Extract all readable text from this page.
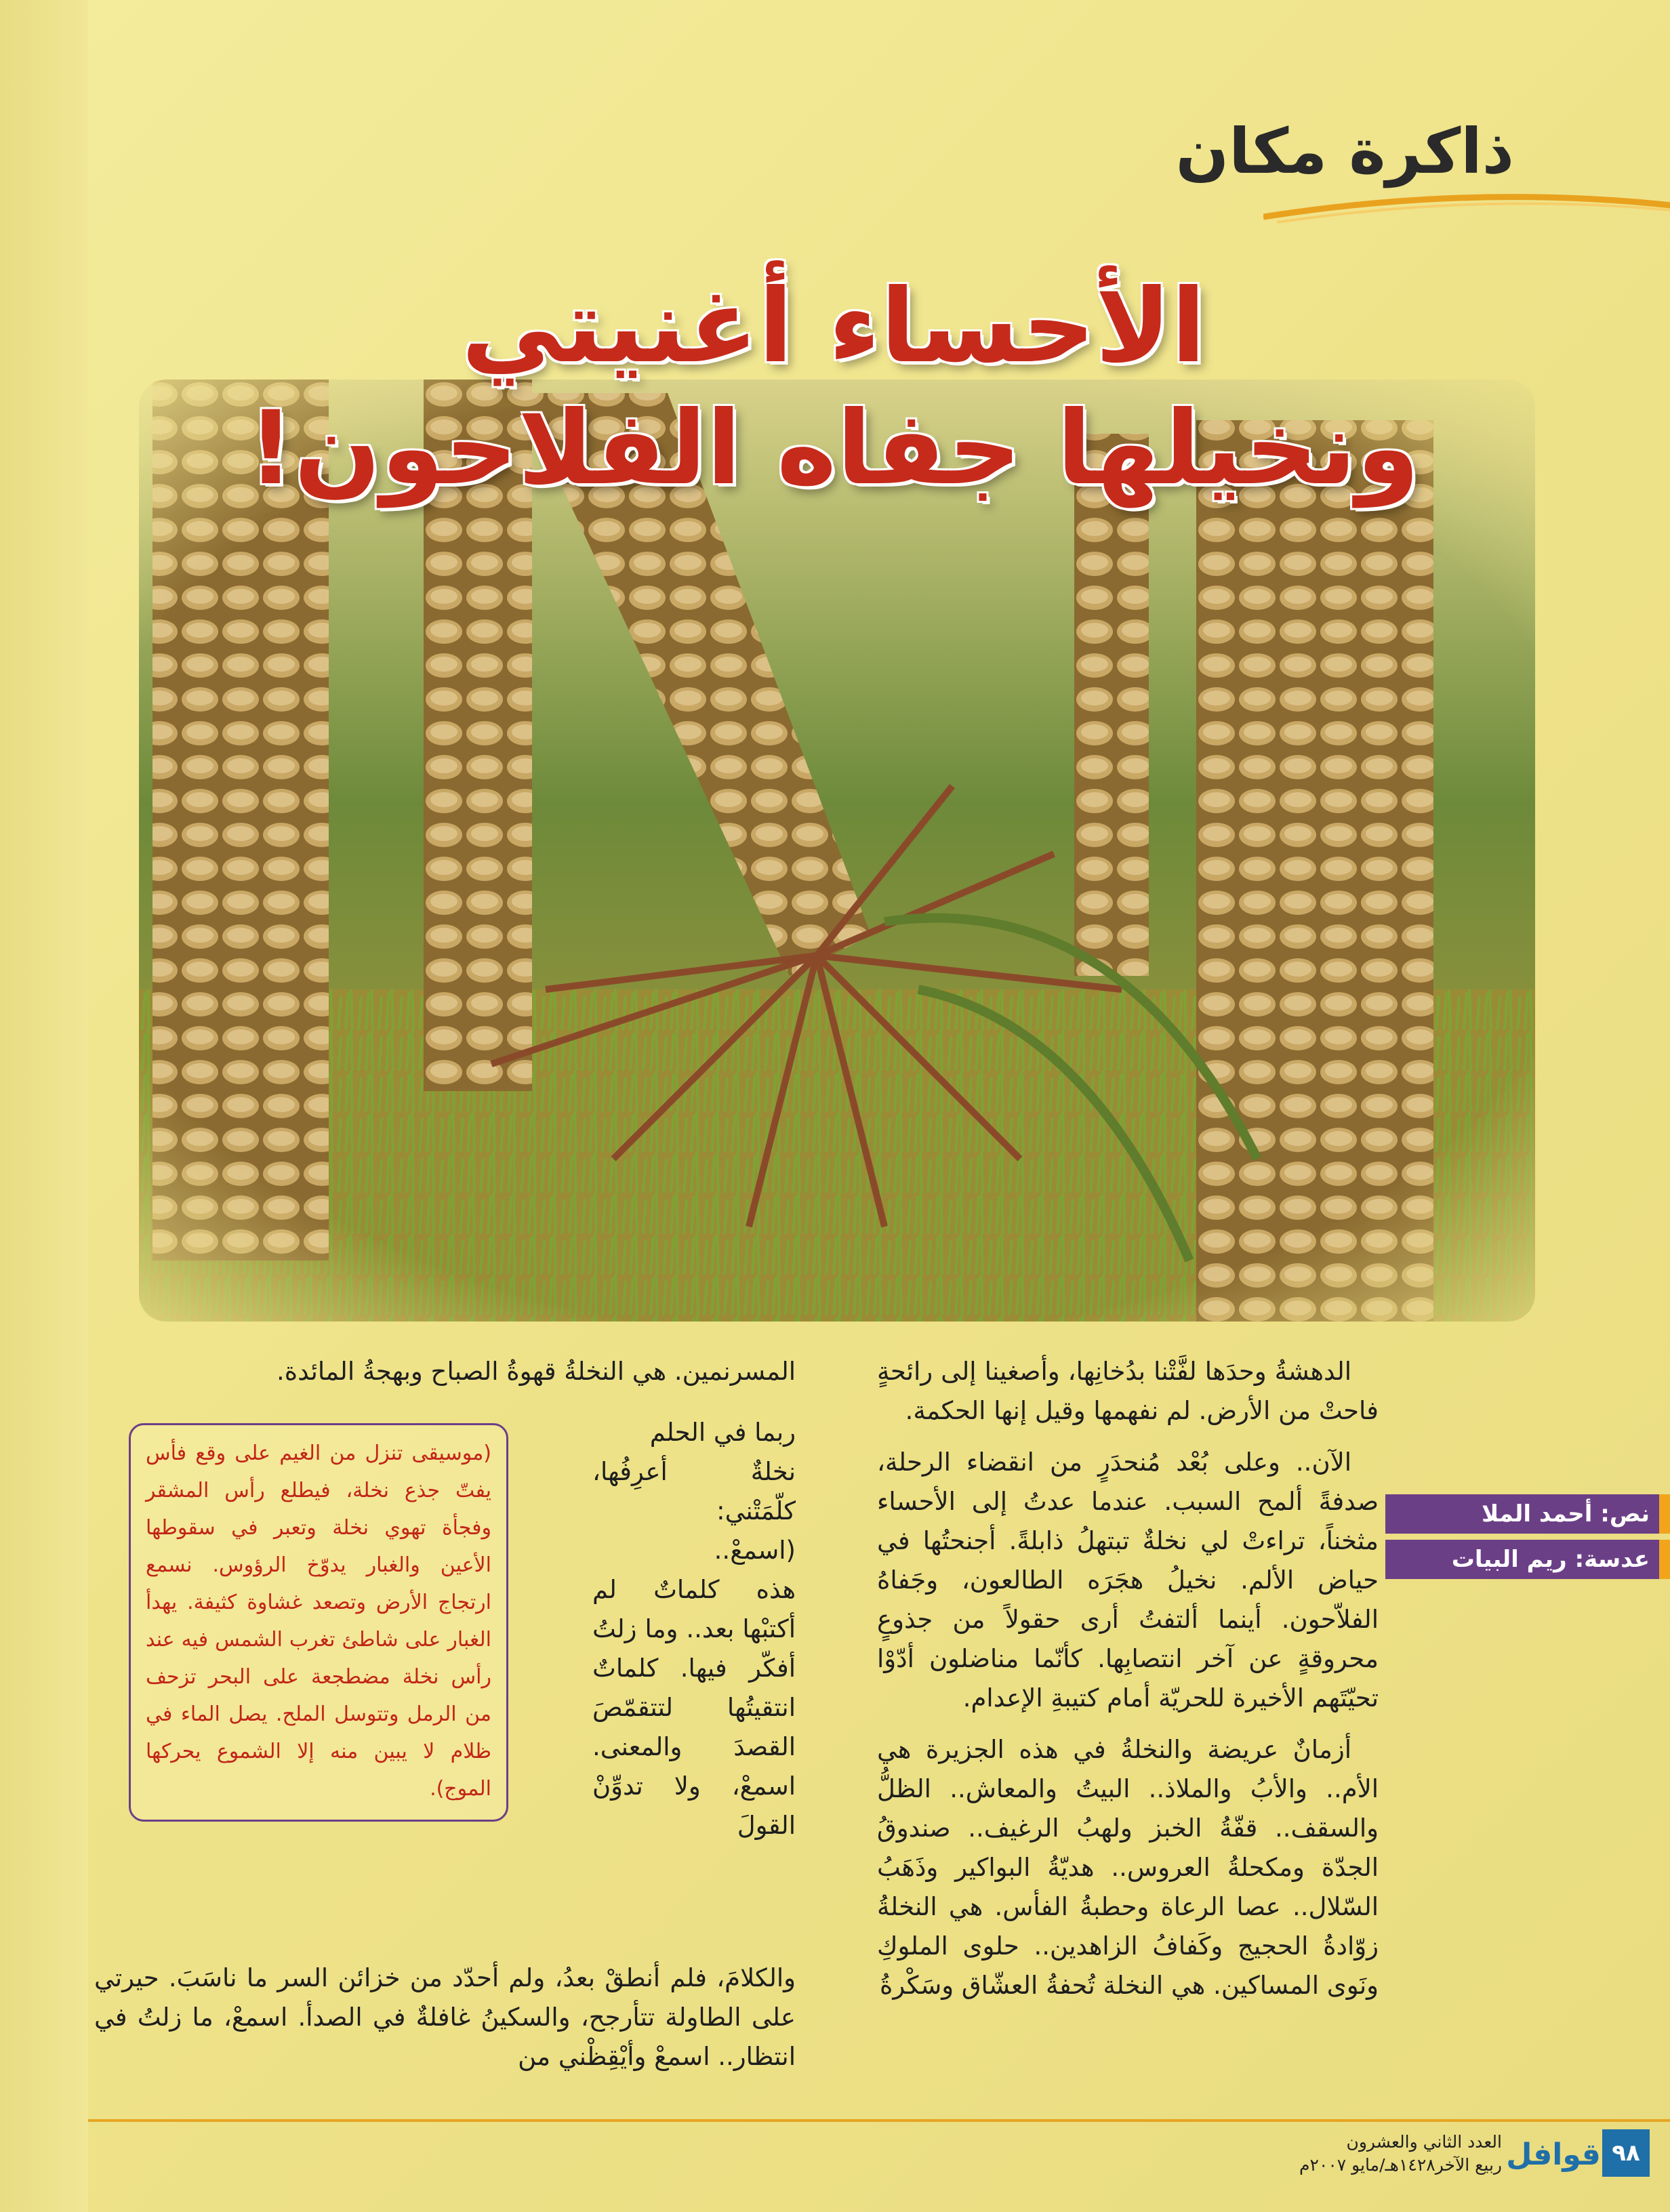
ذاكرة مكان
الأحساء أغنيتي
ونخيلها جفاه الفلاحون!
نص: أحمد الملا
عدسة: ريم البيات

الدهشةُ وحدَها لفَّتْنا بدُخانِها، وأصغينا إلى رائحةٍ فاحتْ من الأرض. لم نفهمها وقيل إنها الحكمة.

الآن.. وعلى بُعْد مُنحدَرٍ من انقضاء الرحلة، صدفةً ألمح السبب. عندما عدتُ إلى الأحساء مثخناً، تراءتْ لي نخلةٌ تبتهلُ ذابلةً. أجنحتُها في حياض الألم. نخيلُ هجَرَه الطالعون، وجَفاهُ الفلاّحون. أينما ألتفتُ أرى حقولاً من جذوعٍ محروقةٍ عن آخر انتصابِها. كأنّما مناضلون أدّوْا تحيّتَهم الأخيرة للحريّة أمام كتيبةِ الإعدام.

أزمانٌ عريضة والنخلةُ في هذه الجزيرة هي الأم.. والأبُ والملاذ.. البيتُ والمعاش.. الظلُّ والسقف.. قفّةُ الخبز ولهبُ الرغيف.. صندوقُ الجدّة ومكحلةُ العروس.. هديّةُ البواكير وذَهَبُ السّلال.. عصا الرعاة وحطبةُ الفأس. هي النخلةُ زوّادةُ الحجيج وكَفافُ الزاهدين.. حلوى الملوكِ ونَوى المساكين. هي النخلة تُحفةُ العشّاق وسَكْرةُ

المسرنمين. هي النخلةُ قهوةُ الصباح وبهجةُ المائدة.

ربما في الحلم

نخلةٌ أعرِفُها، كلّمَتْني:

(اسمعْ..

هذه كلماتٌ لم أكتبْها بعد.. وما زلتُ أفكّر فيها. كلماتٌ انتقيتُها لتتقمّصَ القصدَ والمعنى. اسمعْ، ولا تدوِّنْ القولَ

(موسيقى تنزل من الغيم على وقع فأس يفتّ جذع نخلة، فيطلع رأس المشقر وفجأة تهوي نخلة وتعبر في سقوطها الأعين والغبار يدوّخ الرؤوس. نسمع ارتجاج الأرض وتصعد غشاوة كثيفة. يهدأ الغبار على شاطئ تغرب الشمس فيه عند رأس نخلة مضطجعة على البحر تزحف من الرمل وتتوسل الملح. يصل الماء في ظلام لا يبين منه إلا الشموع يحركها الموج).

والكلامَ، فلم أنطقْ بعدُ، ولم أحدّد من خزائن السر ما ناسَبَ. حيرتي على الطاولة تتأرجح، والسكينُ غافلةٌ في الصدأ. اسمعْ، ما زلتُ في انتظار.. اسمعْ وأيْقِظْني من

٩٨
قوافل
العدد الثاني والعشرون
ربيع الآخر١٤٢٨هـ/مايو ٢٠٠٧م
